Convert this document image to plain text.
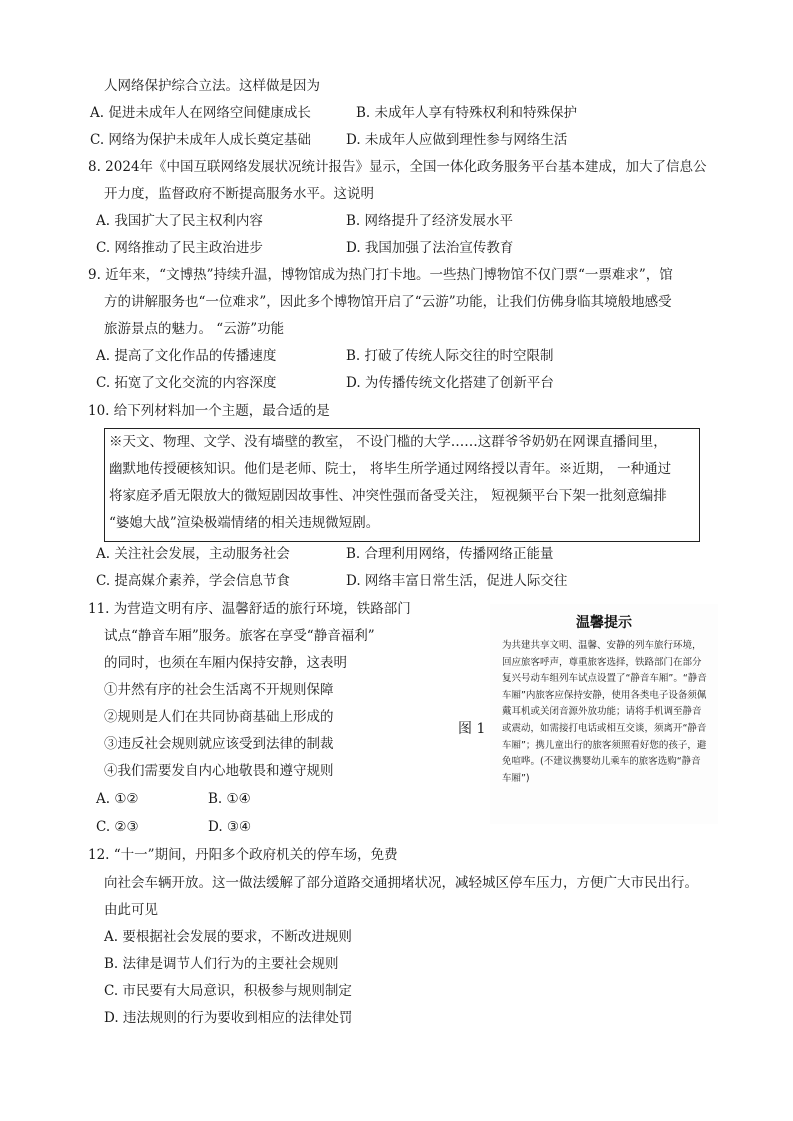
人网络保护综合立法。这样做是因为
A. 促进未成年人在网络空间健康成长	B. 未成年人享有特殊权利和特殊保护
C. 网络为保护未成年人成长奠定基础	D. 未成年人应做到理性参与网络生活
8. 2024年《中国互联网络发展状况统计报告》显示，全国一体化政务服务平台基本建成，加大了信息公
开力度，监督政府不断提高服务水平。这说明
A. 我国扩大了民主权利内容	B. 网络提升了经济发展水平
C. 网络推动了民主政治进步	D. 我国加强了法治宣传教育
9. 近年来，“文博热”持续升温，博物馆成为热门打卡地。一些热门博物馆不仅门票“一票难求”，馆
方的讲解服务也“一位难求”，因此多个博物馆开启了“云游”功能，让我们仿佛身临其境般地感受
旅游景点的魅力。 “云游”功能
A. 提高了文化作品的传播速度	B. 打破了传统人际交往的时空限制
C. 拓宽了文化交流的内容深度	D. 为传播传统文化搭建了创新平台
10. 给下列材料加一个主题，最合适的是
※天文、物理、文学、没有墙壁的教室， 不设门槛的大学……这群爷爷奶奶在网课直播间里，
幽默地传授硬核知识。他们是老师、院士， 将毕生所学通过网络授以青年。※近期， 一种通过
将家庭矛盾无限放大的微短剧因故事性、冲突性强而备受关注， 短视频平台下架一批刻意编排
“婆媳大战”渲染极端情绪的相关违规微短剧。
A. 关注社会发展，主动服务社会	B. 合理利用网络，传播网络正能量
C. 提高媒介素养，学会信息节食	D. 网络丰富日常生活，促进人际交往
11. 为营造文明有序、温馨舒适的旅行环境，铁路部门
试点“静音车厢”服务。旅客在享受“静音福利”
的同时，也须在车厢内保持安静，这表明
①井然有序的社会生活离不开规则保障
②规则是人们在共同协商基础上形成的
③违反社会规则就应该受到法律的制裁
④我们需要发自内心地敬畏和遵守规则
A. ①②	B. ①④
C. ②③	D. ③④
图 1
温馨提示
为共建共享文明、温馨、安静的列车旅行环境，回应旅客呼声，尊重旅客选择，铁路部门在部分复兴号动车组列车试点设置了“静音车厢”。“静音车厢”内旅客应保持安静，使用各类电子设备须佩戴耳机或关闭音源外放功能；请将手机调至静音或震动，如需接打电话或相互交谈，须离开“静音车厢”；携儿童出行的旅客须照看好您的孩子，避免喧哗。(不建议携婴幼儿乘车的旅客选购“静音车厢”)
12. “十一”期间，丹阳多个政府机关的停车场，免费
向社会车辆开放。这一做法缓解了部分道路交通拥堵状况，减轻城区停车压力，方便广大市民出行。
由此可见
A. 要根据社会发展的要求，不断改进规则
B. 法律是调节人们行为的主要社会规则
C. 市民要有大局意识，积极参与规则制定
D. 违法规则的行为要收到相应的法律处罚
